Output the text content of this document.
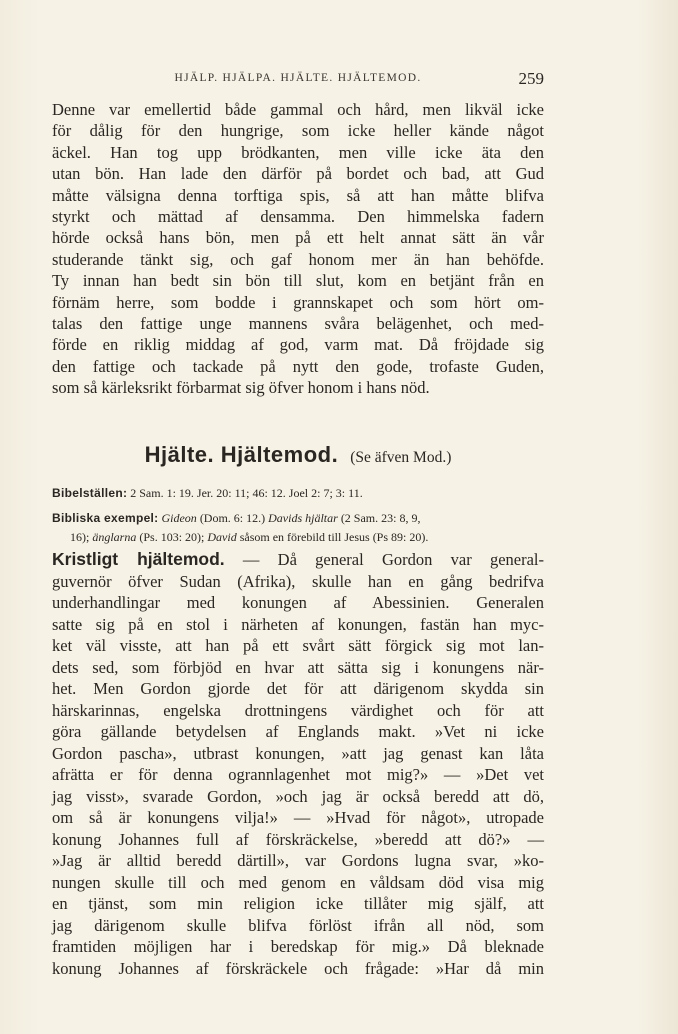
HJÄLP. HJÄLPA. HJÄLTE. HJÄLTEMOD.	259
Denne var emellertid både gammal och hård, men likväl icke
för dålig för den hungrige, som icke heller kände något
äckel. Han tog upp brödkanten, men ville icke äta den
utan bön. Han lade den därför på bordet och bad, att Gud
måtte välsigna denna torftiga spis, så att han måtte blifva
styrkt och mättad af densamma. Den himmelska fadern
hörde också hans bön, men på ett helt annat sätt än vår
studerande tänkt sig, och gaf honom mer än han behöfde.
Ty innan han bedt sin bön till slut, kom en betjänt från en
förnäm herre, som bodde i grannskapet och som hört om-
talas den fattige unge mannens svåra belägenhet, och med-
förde en riklig middag af god, varm mat. Då fröjdade sig
den fattige och tackade på nytt den gode, trofaste Guden,
som så kärleksrikt förbarmat sig öfver honom i hans nöd.
Hjälte. Hjältemod. (Se äfven Mod.)
Bibelställen: 2 Sam. 1: 19. Jer. 20: 11; 46: 12. Joel 2: 7; 3: 11.
Bibliska exempel: Gideon (Dom. 6: 12.) Davids hjältar (2 Sam. 23: 8, 9,
16); änglarna (Ps. 103: 20); David såsom en förebild till Jesus (Ps 89: 20).
Kristligt hjältemod. — Då general Gordon var general-
guvernör öfver Sudan (Afrika), skulle han en gång bedrifva
underhandlingar med konungen af Abessinien. Generalen
satte sig på en stol i närheten af konungen, fastän han myc-
ket väl visste, att han på ett svårt sätt förgick sig mot lan-
dets sed, som förbjöd en hvar att sätta sig i konungens när-
het. Men Gordon gjorde det för att därigenom skydda sin
härskarinnas, engelska drottningens värdighet och för att
göra gällande betydelsen af Englands makt. »Vet ni icke
Gordon pascha», utbrast konungen, »att jag genast kan låta
afrätta er för denna ogrannlagenhet mot mig?» — »Det vet
jag visst», svarade Gordon, »och jag är också beredd att dö,
om så är konungens vilja!» — »Hvad för något», utropade
konung Johannes full af förskräckelse, »beredd att dö?» —
»Jag är alltid beredd därtill», var Gordons lugna svar, »ko-
nungen skulle till och med genom en våldsam död visa mig
en tjänst, som min religion icke tillåter mig själf, att
jag därigenom skulle blifva förlöst ifrån all nöd, som
framtiden möjligen har i beredskap för mig.» Då bleknade
konung Johannes af förskräckele och frågade: »Har då min
